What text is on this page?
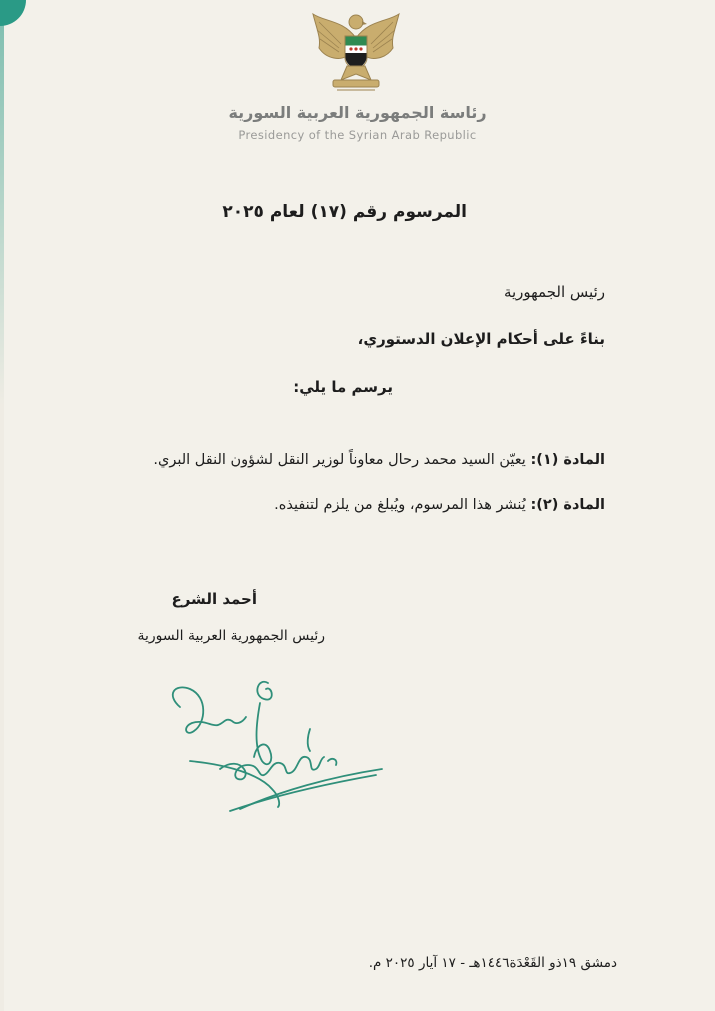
رئاسة الجمهورية العربية السورية
Presidency of the Syrian Arab Republic
المرسوم رقم (١٧) لعام ٢٠٢٥
رئيس الجمهورية
بناءً على أحكام الإعلان الدستوري،
يرسم ما يلي:
المادة (١): يعيّن السيد محمد رحال معاوناً لوزير النقل لشؤون النقل البري.
المادة (٢): يُنشر هذا المرسوم، ويُبلغ من يلزم لتنفيذه.
أحمد الشرع
رئيس الجمهورية العربية السورية
دمشق ١٩ذو القَعْدَة١٤٤٦هـ - ١٧ آيار ٢٠٢٥ م.
